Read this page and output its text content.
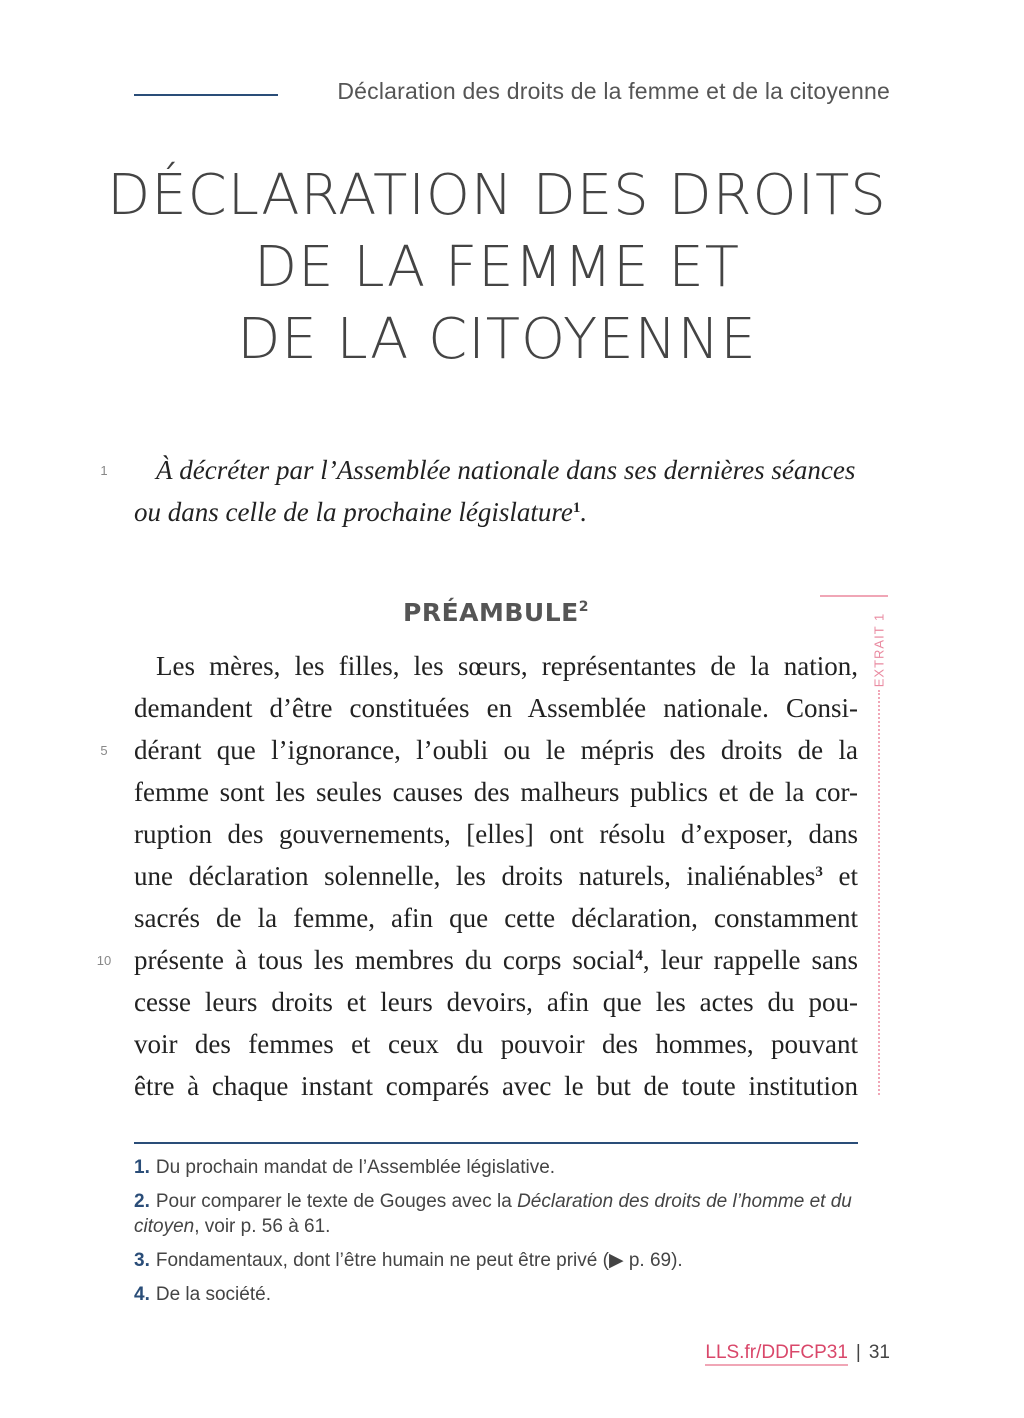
Déclaration des droits de la femme et de la citoyenne
DÉCLARATION DES DROITS
DE LA FEMME ET
DE LA CITOYENNE
1	À décréter par l’Assemblée nationale dans ses dernières séances
ou dans celle de la prochaine législature$^1$.
PRÉAMBULE$^2$
EXTRAIT 1
5
10
Les mères, les filles, les sœurs, représentantes de la nation,
demandent d’être constituées en Assemblée nationale. Consi-
dérant que l’ignorance, l’oubli ou le mépris des droits de la
femme sont les seules causes des malheurs publics et de la cor-
ruption des gouvernements, [elles] ont résolu d’exposer, dans
une déclaration solennelle, les droits naturels, inaliénables$^3$ et
sacrés de la femme, afin que cette déclaration, constamment
présente à tous les membres du corps social$^4$, leur rappelle sans
cesse leurs droits et leurs devoirs, afin que les actes du pou-
voir des femmes et ceux du pouvoir des hommes, pouvant
être à chaque instant comparés avec le but de toute institution
1. Du prochain mandat de l’Assemblée législative.
2. Pour comparer le texte de Gouges avec la Déclaration des droits de l’homme et du citoyen, voir p. 56 à 61.
3. Fondamentaux, dont l’être humain ne peut être privé (▶ p. 69).
4. De la société.
LLS.fr/DDFCP31 | 31
